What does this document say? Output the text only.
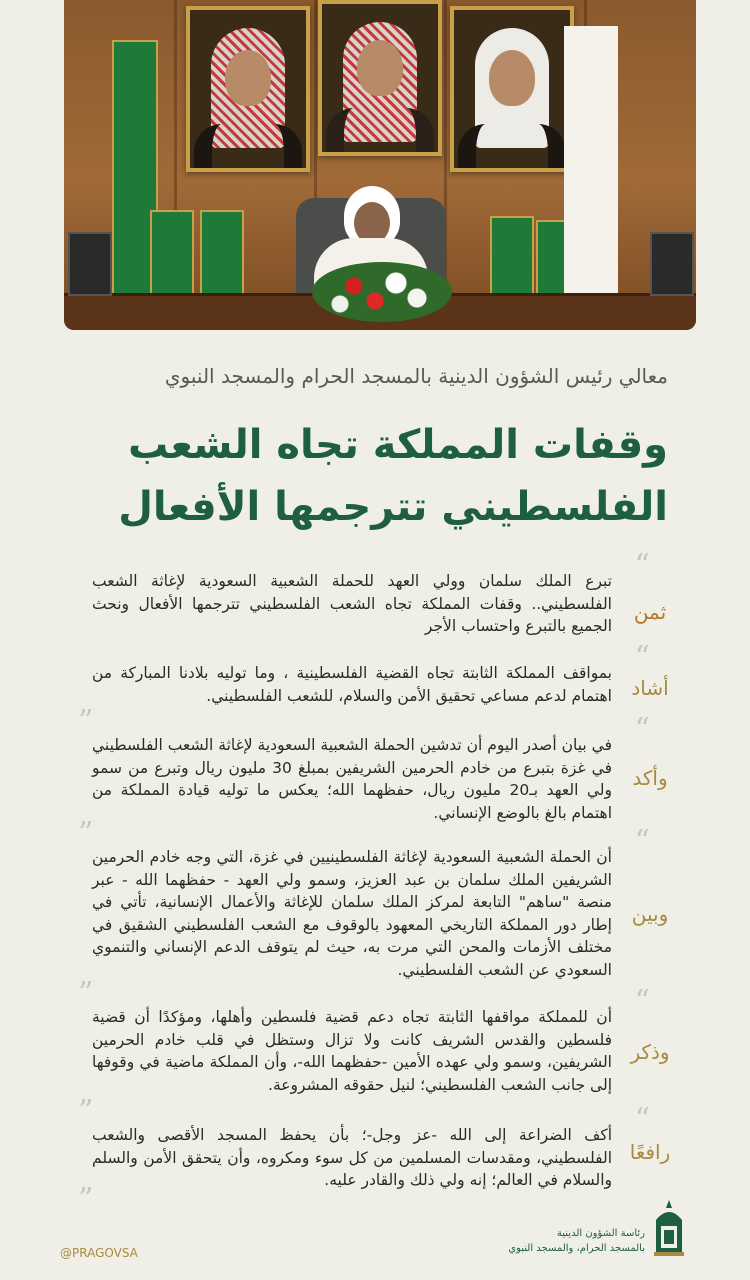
معالي رئيس الشؤون الدينية بالمسجد الحرام والمسجد النبوي
وقفات المملكة تجاه الشعب
الفلسطيني تترجمها الأفعال
“
تبرع الملك سلمان وولي العهد للحملة الشعبية السعودية لإغاثة الشعب الفلسطيني.. وقفات المملكة تجاه الشعب الفلسطيني تترجمها الأفعال ونحث الجميع بالتبرع واحتساب الأجر
ثمن
“
بمواقف المملكة الثابتة تجاه القضية الفلسطينية ، وما توليه بلادنا المباركة من اهتمام لدعم مساعي تحقيق الأمن والسلام، للشعب الفلسطيني. أشاد
”	“
في بيان أصدر اليوم أن تدشين الحملة الشعبية السعودية لإغاثة الشعب الفلسطيني في غزة بتبرع من خادم الحرمين الشريفين بمبلغ 30 مليون ريال وتبرع من سمو ولي العهد بـ20 مليون ريال، حفظهما الله؛ يعكس ما توليه قيادة المملكة من اهتمام بالغ بالوضع الإنساني.
وأكد
”	“
أن الحملة الشعبية السعودية لإغاثة الفلسطينيين في غزة، التي وجه خادم الحرمين الشريفين الملك سلمان بن عبد العزيز، وسمو ولي العهد - حفظهما الله - عبر منصة "ساهم" التابعة لمركز الملك سلمان للإغاثة والأعمال الإنسانية، تأتي في إطار دور المملكة التاريخي المعهود بالوقوف مع الشعب الفلسطيني الشقيق في مختلف الأزمات والمحن التي مرت به، حيث لم يتوقف الدعم الإنساني والتنموي السعودي عن الشعب الفلسطيني.
وبين
”	“
أن للمملكة مواقفها الثابتة تجاه دعم قضية فلسطين وأهلها، ومؤكدًا أن قضية فلسطين والقدس الشريف كانت ولا تزال وستظل في قلب خادم الحرمين الشريفين، وسمو ولي عهده الأمين -حفظهما الله-، وأن المملكة ماضية في وقوفها إلى جانب الشعب الفلسطيني؛ لنيل حقوقه المشروعة.
وذكر
”	“
أكف الضراعة إلى الله -عز وجل-؛ بأن يحفظ المسجد الأقصى والشعب الفلسطيني، ومقدسات المسلمين من كل سوء ومكروه، وأن يتحقق الأمن والسلم والسلام في العالم؛ إنه ولي ذلك والقادر عليه.
رافعًا
”
@PRAGOVSA
رئاسة الشؤون الدينية
بالمسجد الحرام، والمسجد النبوي
